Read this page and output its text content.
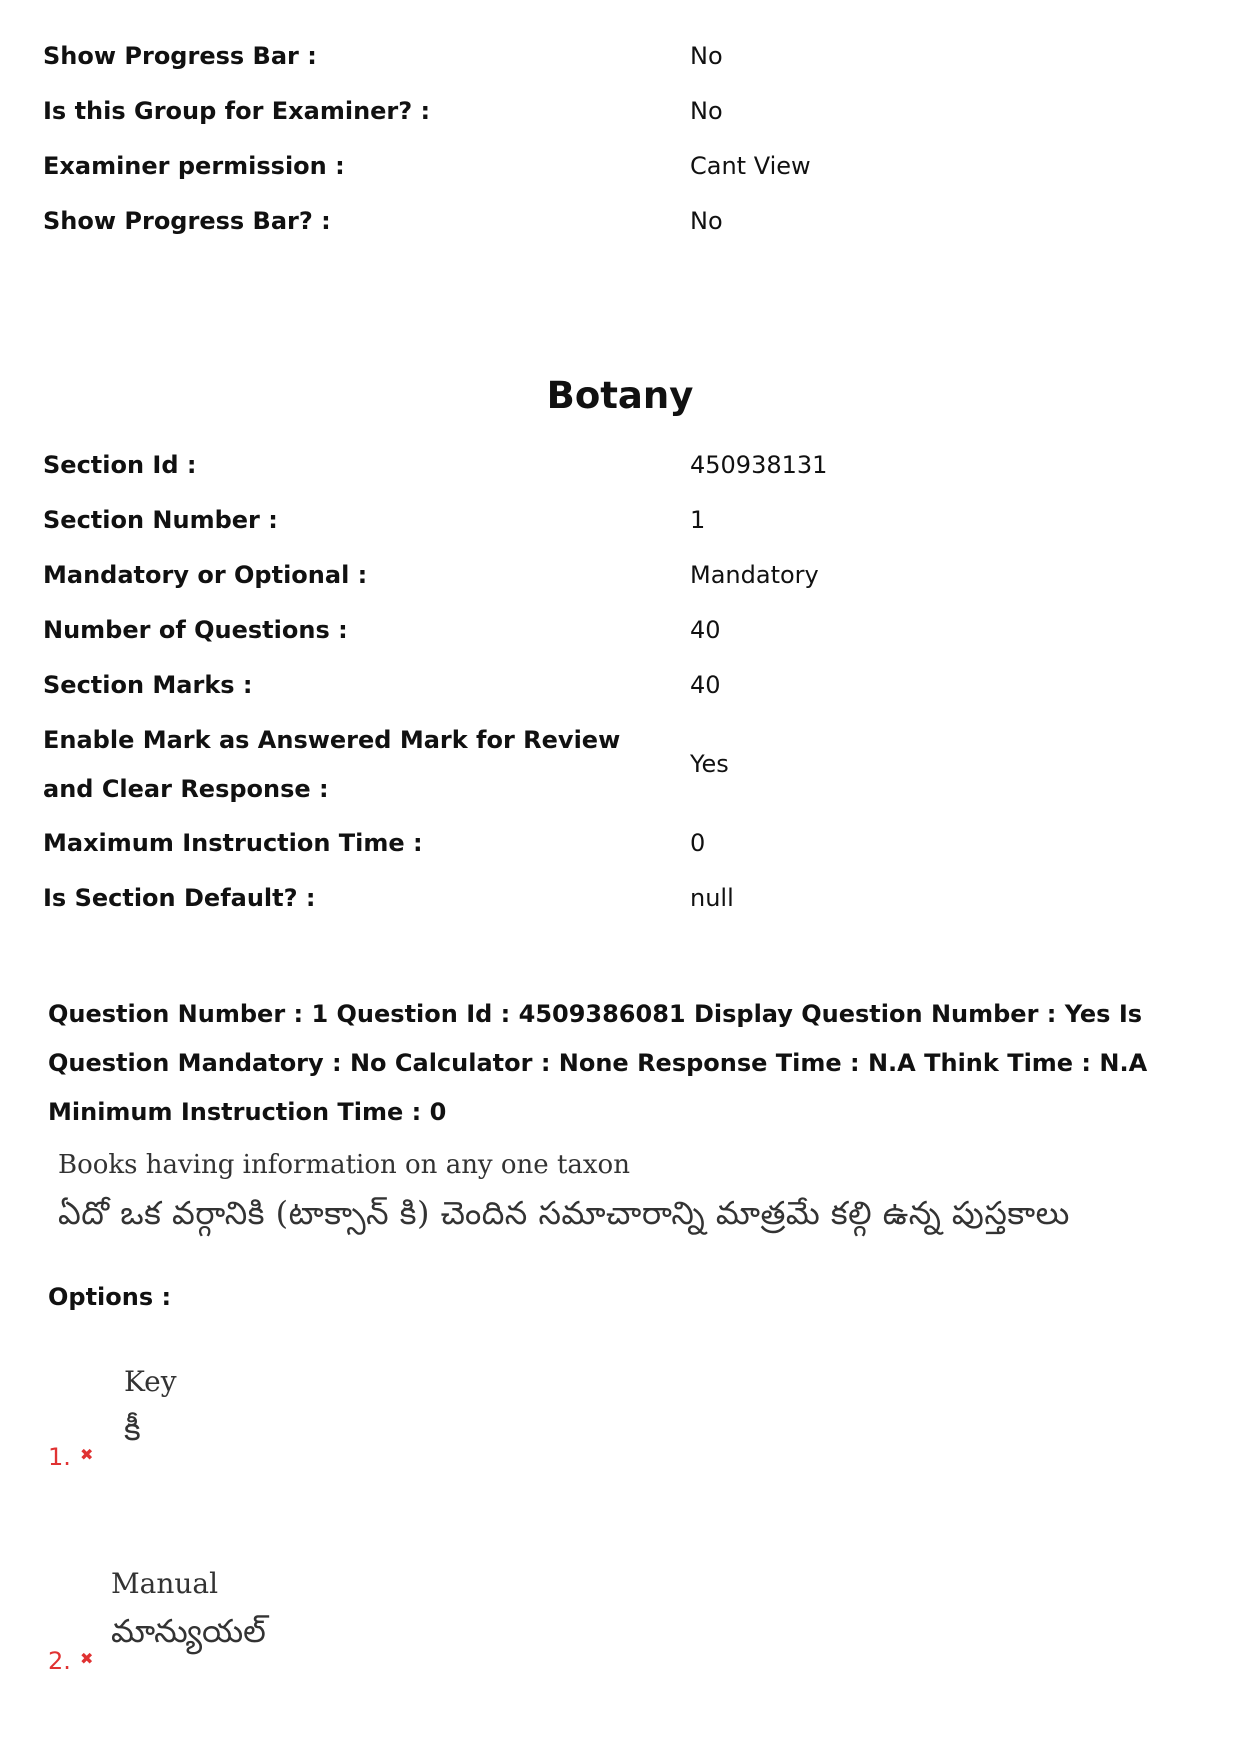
Show Progress Bar :	No
Is this Group for Examiner? :	No
Examiner permission :	Cant View
Show Progress Bar? :	No
Botany
Section Id :	450938131
Section Number :	1
Mandatory or Optional :	Mandatory
Number of Questions :	40
Section Marks :	40
Enable Mark as Answered Mark for Review and Clear Response :
Yes
Maximum Instruction Time :	0
Is Section Default? :	null
Question Number : 1 Question Id : 4509386081 Display Question Number : Yes Is Question Mandatory : No Calculator : None Response Time : N.A Think Time : N.A Minimum Instruction Time : 0
Books having information on any one taxon
ఏదో ఒక వర్గానికి (టాక్సాన్ కి) చెందిన సమాచారాన్ని మాత్రమే కల్గి ఉన్న పుస్తకాలు
Options :
Key
కీ
1. ✖
Manual
మాన్యుయల్
2. ✖
